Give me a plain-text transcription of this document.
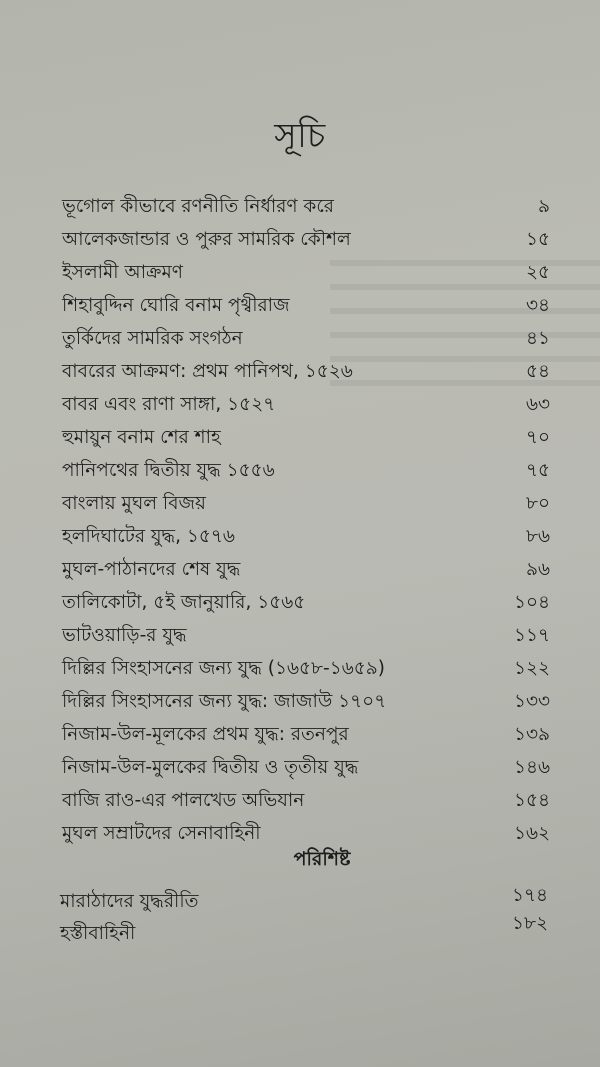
সূচি
ভূগোল কীভাবে রণনীতি নির্ধারণ করে	৯
আলেকজান্ডার ও পুরুর সামরিক কৌশল	১৫
ইসলামী আক্রমণ	২৫
শিহাবুদ্দিন ঘোরি বনাম পৃথ্বীরাজ	৩৪
তুর্কিদের সামরিক সংগঠন	৪১
বাবরের আক্রমণ: প্রথম পানিপথ, ১৫২৬	৫৪
বাবর এবং রাণা সাঙ্গা, ১৫২৭	৬৩
হুমায়ুন বনাম শের শাহ	৭০
পানিপথের দ্বিতীয় যুদ্ধ ১৫৫৬	৭৫
বাংলায় মুঘল বিজয়	৮০
হলদিঘাটের যুদ্ধ, ১৫৭৬	৮৬
মুঘল-পাঠানদের শেষ যুদ্ধ	৯৬
তালিকোটা, ৫ই জানুয়ারি, ১৫৬৫	১০৪
ভাটওয়াড়ি-র যুদ্ধ	১১৭
দিল্লির সিংহাসনের জন্য যুদ্ধ (১৬৫৮-১৬৫৯)	১২২
দিল্লির সিংহাসনের জন্য যুদ্ধ: জাজাউ ১৭০৭	১৩৩
নিজাম-উল-মূলকের প্রথম যুদ্ধ: রতনপুর	১৩৯
নিজাম-উল-মুলকের দ্বিতীয় ও তৃতীয় যুদ্ধ	১৪৬
বাজি রাও-এর পালখেড অভিযান	১৫৪
মুঘল সম্রাটদের সেনাবাহিনী	১৬২
পরিশিষ্ট
মারাঠাদের যুদ্ধরীতি	১৭৪
হস্তীবাহিনী	১৮২
